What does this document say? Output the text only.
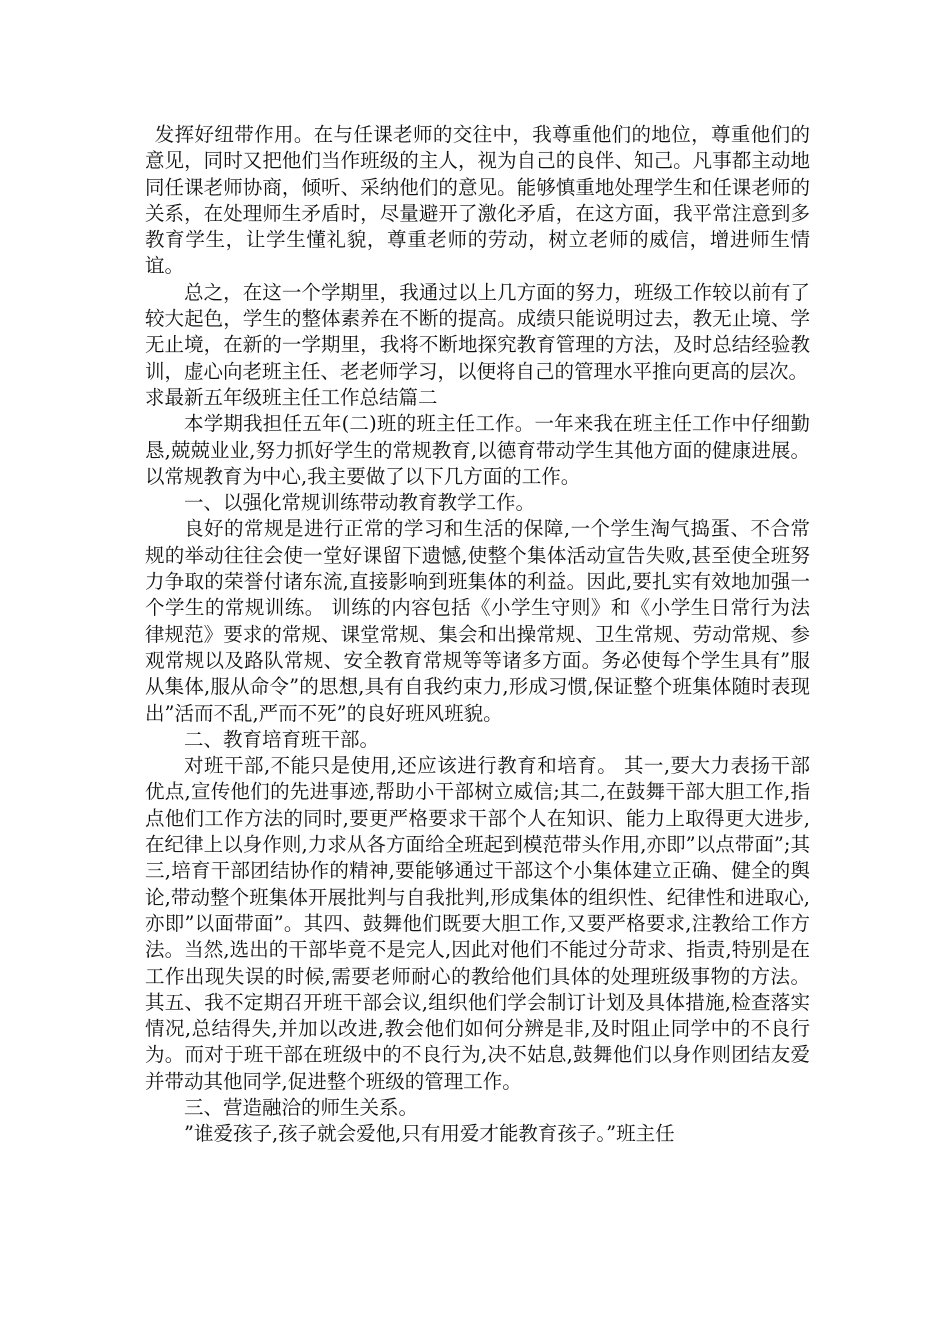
发挥好纽带作用。在与任课老师的交往中，我尊重他们的地位，尊重他们的意见，同时又把他们当作班级的主人，视为自己的良伴、知己。凡事都主动地同任课老师协商，倾听、采纳他们的意见。能够慎重地处理学生和任课老师的关系，在处理师生矛盾时，尽量避开了激化矛盾，在这方面，我平常注意到多教育学生，让学生懂礼貌，尊重老师的劳动，树立老师的威信，增进师生情谊。

总之，在这一个学期里，我通过以上几方面的努力，班级工作较以前有了较大起色，学生的整体素养在不断的提高。成绩只能说明过去，教无止境、学无止境，在新的一学期里，我将不断地探究教育管理的方法，及时总结经验教训，虚心向老班主任、老老师学习，以便将自己的管理水平推向更高的层次。

求最新五年级班主任工作总结篇二

本学期我担任五年(二)班的班主任工作。一年来我在班主任工作中仔细勤恳,兢兢业业,努力抓好学生的常规教育,以德育带动学生其他方面的健康进展。以常规教育为中心,我主要做了以下几方面的工作。

一、以强化常规训练带动教育教学工作。

良好的常规是进行正常的学习和生活的保障,一个学生淘气捣蛋、不合常规的举动往往会使一堂好课留下遗憾,使整个集体活动宣告失败,甚至使全班努力争取的荣誉付诸东流,直接影响到班集体的利益。因此,要扎实有效地加强一个学生的常规训练。 训练的内容包括《小学生守则》和《小学生日常行为法律规范》要求的常规、课堂常规、集会和出操常规、卫生常规、劳动常规、参观常规以及路队常规、安全教育常规等等诸多方面。务必使每个学生具有”服从集体,服从命令”的思想,具有自我约束力,形成习惯,保证整个班集体随时表现出”活而不乱,严而不死”的良好班风班貌。

二、教育培育班干部。

对班干部,不能只是使用,还应该进行教育和培育。 其一,要大力表扬干部优点,宣传他们的先进事迹,帮助小干部树立威信;其二,在鼓舞干部大胆工作,指点他们工作方法的同时,要更严格要求干部个人在知识、能力上取得更大进步,在纪律上以身作则,力求从各方面给全班起到模范带头作用,亦即”以点带面”;其三,培育干部团结协作的精神,要能够通过干部这个小集体建立正确、健全的舆论,带动整个班集体开展批判与自我批判,形成集体的组织性、纪律性和进取心,亦即”以面带面”。其四、鼓舞他们既要大胆工作,又要严格要求,注教给工作方法。当然,选出的干部毕竟不是完人,因此对他们不能过分苛求、指责,特别是在工作出现失误的时候,需要老师耐心的教给他们具体的处理班级事物的方法。其五、我不定期召开班干部会议,组织他们学会制订计划及具体措施,检查落实情况,总结得失,并加以改进,教会他们如何分辨是非,及时阻止同学中的不良行为。而对于班干部在班级中的不良行为,决不姑息,鼓舞他们以身作则团结友爱并带动其他同学,促进整个班级的管理工作。

三、营造融洽的师生关系。

”谁爱孩子,孩子就会爱他,只有用爱才能教育孩子。”班主任
